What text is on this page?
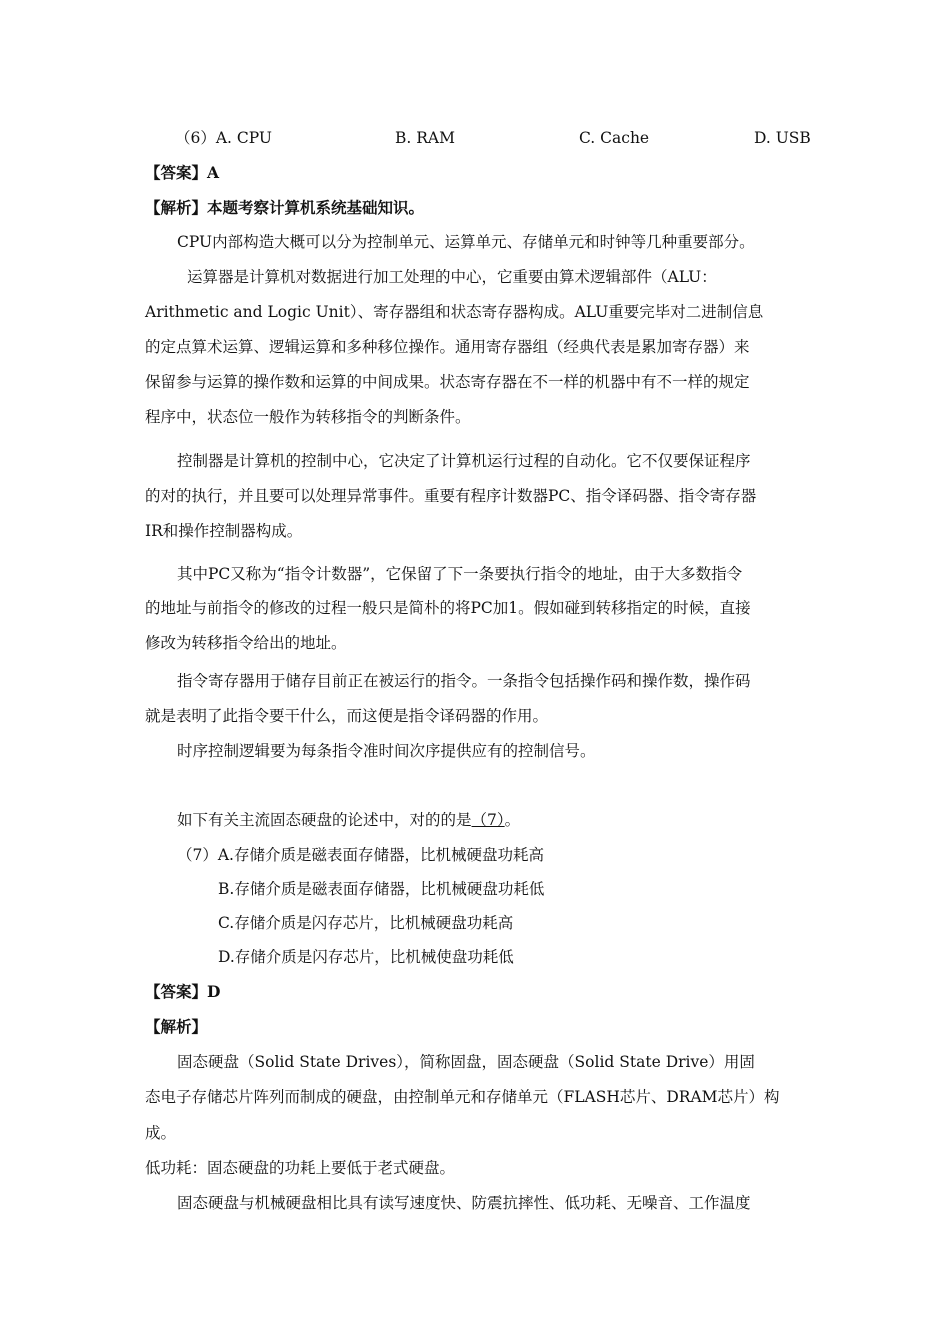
（6）A. CPU	B. RAM	C. Cache	D. USB
【答案】A
【解析】本题考察计算机系统基础知识。
CPU内部构造大概可以分为控制单元、运算单元、存储单元和时钟等几种重要部分。
运算器是计算机对数据进行加工处理的中心，它重要由算术逻辑部件（ALU：
Arithmetic and Logic Unit）、寄存器组和状态寄存器构成。ALU重要完毕对二进制信息
的定点算术运算、逻辑运算和多种移位操作。通用寄存器组（经典代表是累加寄存器）来
保留参与运算的操作数和运算的中间成果。状态寄存器在不一样的机器中有不一样的规定
程序中，状态位一般作为转移指令的判断条件。
控制器是计算机的控制中心，它决定了计算机运行过程的自动化。它不仅要保证程序
的对的执行，并且要可以处理异常事件。重要有程序计数器PC、指令译码器、指令寄存器
IR和操作控制器构成。
其中PC又称为“指令计数器”，它保留了下一条要执行指令的地址，由于大多数指令
的地址与前指令的修改的过程一般只是简朴的将PC加1。假如碰到转移指定的时候，直接
修改为转移指令给出的地址。
指令寄存器用于储存目前正在被运行的指令。一条指令包括操作码和操作数，操作码
就是表明了此指令要干什么，而这便是指令译码器的作用。
时序控制逻辑要为每条指令准时间次序提供应有的控制信号。
如下有关主流固态硬盘的论述中，对的的是（7）。
（7）A.存储介质是磁表面存储器，比机械硬盘功耗高
B.存储介质是磁表面存储器，比机械硬盘功耗低
C.存储介质是闪存芯片，比机械硬盘功耗高
D.存储介质是闪存芯片，比机械使盘功耗低
【答案】D
【解析】
固态硬盘（Solid State Drives），简称固盘，固态硬盘（Solid State Drive）用固
态电子存储芯片阵列而制成的硬盘，由控制单元和存储单元（FLASH芯片、DRAM芯片）构
成。
低功耗：固态硬盘的功耗上要低于老式硬盘。
固态硬盘与机械硬盘相比具有读写速度快、防震抗摔性、低功耗、无噪音、工作温度
